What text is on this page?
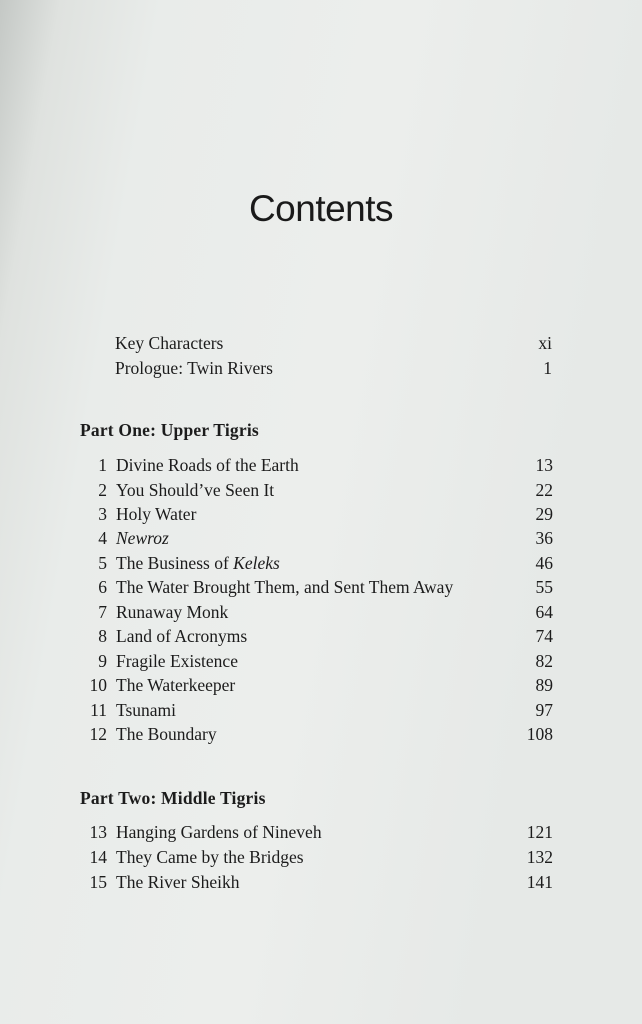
Contents
Key Characters	xi
Prologue: Twin Rivers	1
Part One: Upper Tigris
1 Divine Roads of the Earth	13
2 You Should’ve Seen It	22
3 Holy Water	29
4 Newroz	36
5 The Business of Keleks	46
6 The Water Brought Them, and Sent Them Away	55
7 Runaway Monk	64
8 Land of Acronyms	74
9 Fragile Existence	82
10 The Waterkeeper	89
11 Tsunami	97
12 The Boundary	108
Part Two: Middle Tigris
13 Hanging Gardens of Nineveh	121
14 They Came by the Bridges	132
15 The River Sheikh	141
